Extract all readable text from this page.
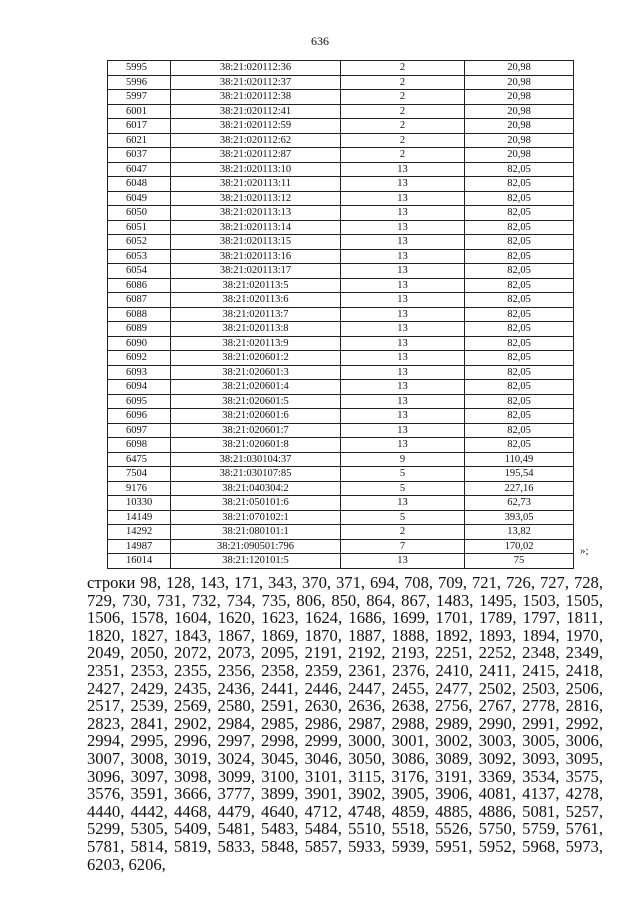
636
5995	38:21:020112:36	2	20,98
5996	38:21:020112:37	2	20,98
5997	38:21:020112:38	2	20,98
6001	38:21:020112:41	2	20,98
6017	38:21:020112:59	2	20,98
6021	38:21:020112:62	2	20,98
6037	38:21:020112:87	2	20,98
6047	38:21:020113:10	13	82,05
6048	38:21:020113:11	13	82,05
6049	38:21:020113:12	13	82,05
6050	38:21:020113:13	13	82,05
6051	38:21:020113:14	13	82,05
6052	38:21:020113:15	13	82,05
6053	38:21:020113:16	13	82,05
6054	38:21:020113:17	13	82,05
6086	38:21:020113:5	13	82,05
6087	38:21:020113:6	13	82,05
6088	38:21:020113:7	13	82,05
6089	38:21:020113:8	13	82,05
6090	38:21:020113:9	13	82,05
6092	38:21:020601:2	13	82,05
6093	38:21:020601:3	13	82,05
6094	38:21:020601:4	13	82,05
6095	38:21:020601:5	13	82,05
6096	38:21:020601:6	13	82,05
6097	38:21:020601:7	13	82,05
6098	38:21:020601:8	13	82,05
6475	38:21:030104:37	9	110,49
7504	38:21:030107:85	5	195,54
9176	38:21:040304:2	5	227,16
10330	38:21:050101:6	13	62,73
14149	38:21:070102:1	5	393,05
14292	38:21:080101:1	2	13,82
14987	38:21:090501:796	7	170,02
16014	38:21:120101:5	13	75
»;
строки 98, 128, 143, 171, 343, 370, 371, 694, 708, 709, 721, 726, 727, 728, 729, 730, 731, 732, 734, 735, 806, 850, 864, 867, 1483, 1495, 1503, 1505, 1506, 1578, 1604, 1620, 1623, 1624, 1686, 1699, 1701, 1789, 1797, 1811, 1820, 1827, 1843, 1867, 1869, 1870, 1887, 1888, 1892, 1893, 1894, 1970, 2049, 2050, 2072, 2073, 2095, 2191, 2192, 2193, 2251, 2252, 2348, 2349, 2351, 2353, 2355, 2356, 2358, 2359, 2361, 2376, 2410, 2411, 2415, 2418, 2427, 2429, 2435, 2436, 2441, 2446, 2447, 2455, 2477, 2502, 2503, 2506, 2517, 2539, 2569, 2580, 2591, 2630, 2636, 2638, 2756, 2767, 2778, 2816, 2823, 2841, 2902, 2984, 2985, 2986, 2987, 2988, 2989, 2990, 2991, 2992, 2994, 2995, 2996, 2997, 2998, 2999, 3000, 3001, 3002, 3003, 3005, 3006, 3007, 3008, 3019, 3024, 3045, 3046, 3050, 3086, 3089, 3092, 3093, 3095, 3096, 3097, 3098, 3099, 3100, 3101, 3115, 3176, 3191, 3369, 3534, 3575, 3576, 3591, 3666, 3777, 3899, 3901, 3902, 3905, 3906, 4081, 4137, 4278, 4440, 4442, 4468, 4479, 4640, 4712, 4748, 4859, 4885, 4886, 5081, 5257, 5299, 5305, 5409, 5481, 5483, 5484, 5510, 5518, 5526, 5750, 5759, 5761, 5781, 5814, 5819, 5833, 5848, 5857, 5933, 5939, 5951, 5952, 5968, 5973, 6203, 6206,
